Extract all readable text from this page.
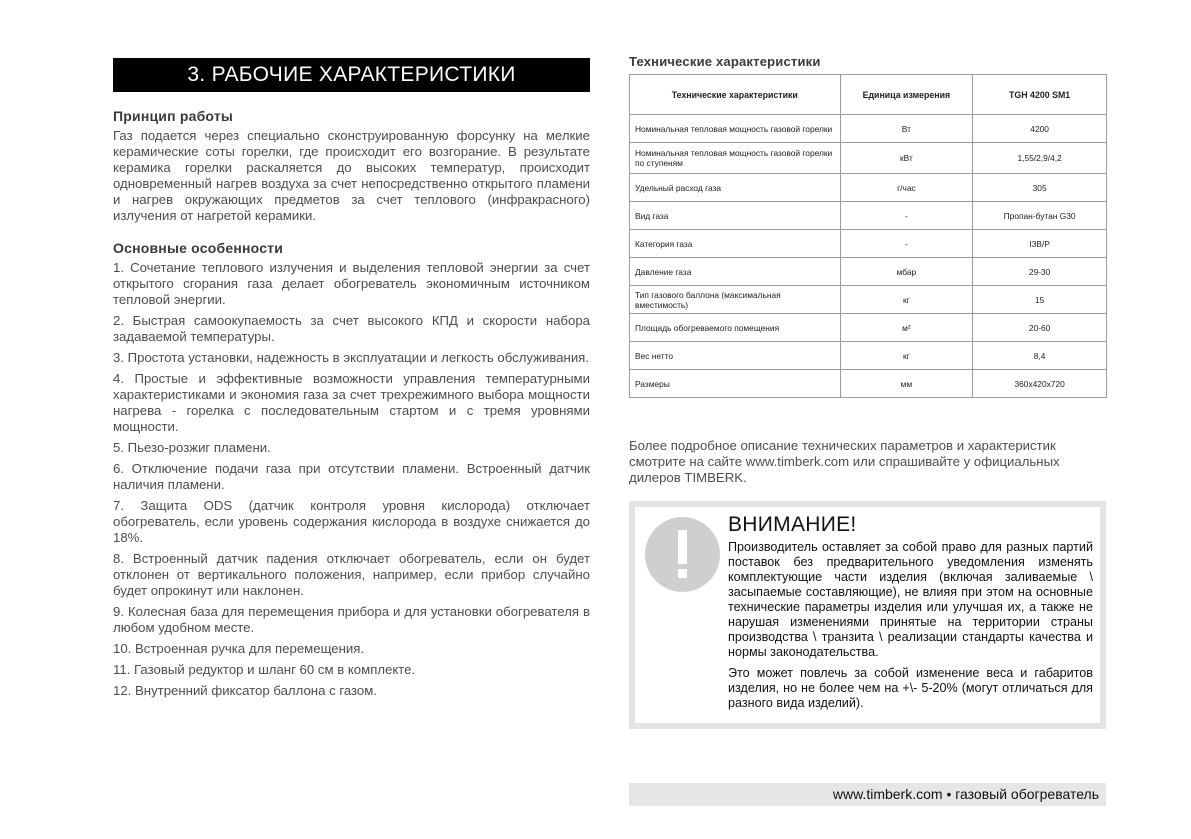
3. РАБОЧИЕ ХАРАКТЕРИСТИКИ
Принцип работы

Газ подается через специально сконструированную форсунку на мелкие керамические соты горелки, где происходит его возгорание. В результате керамика горелки раскаляется до высоких температур, происходит одновременный нагрев воздуха за счет непосредственно открытого пламени и нагрев окружающих предметов за счет теплового (инфракрасного) излучения от нагретой керамики.

Основные особенности
1. Сочетание теплового излучения и выделения тепловой энергии за счет открытого сгорания газа делает обогреватель экономичным источником тепловой энергии.
2. Быстрая самоокупаемость за счет высокого КПД и скорости набора задаваемой температуры.
3. Простота установки, надежность в эксплуатации и легкость обслуживания.
4. Простые и эффективные возможности управления температурными характеристиками и экономия газа за счет трехрежимного выбора мощности нагрева - горелка с последовательным стартом и с тремя уровнями мощности.
5. Пьезо-розжиг пламени.
6. Отключение подачи газа при отсутствии пламени. Встроенный датчик наличия пламени.
7. Защита ODS (датчик контроля уровня кислорода) отключает обогреватель, если уровень содержания кислорода в воздухе снижается до 18%.
8. Встроенный датчик падения отключает обогреватель, если он будет отклонен от вертикального положения, например, если прибор случайно будет опрокинут или наклонен.
9. Колесная база для перемещения прибора и для установки обогревателя в любом удобном месте.
10. Встроенная ручка для перемещения.
11. Газовый редуктор и шланг 60 см в комплекте.
12. Внутренний фиксатор баллона с газом.
Технические характеристики
Технические характеристики	Единица измерения	TGH 4200 SM1
Номинальная тепловая мощность газовой горелки	Вт	4200
Номинальная тепловая мощность газовой горелки по ступеням	кВт	1,55/2,9/4,2
Удельный расход газа	г/час	305
Вид газа	-	Пропан-бутан G30
Категория газа	-	I3B/P
Давление газа	мбар	29-30
Тип газового баллона (максимальная вместимость)	кг	15
Площадь обогреваемого помещения	м²	20-60
Вес нетто	кг	8,4
Размеры	мм	360х420х720

Более подробное описание технических параметров и характеристик смотрите на сайте www.timberk.com или спрашивайте у официальных дилеров TIMBERK.

ВНИМАНИЕ!

Производитель оставляет за собой право для разных партий поставок без предварительного уведомления изменять комплектующие части изделия (включая заливаемые \ засыпаемые составляющие), не влияя при этом на основные технические параметры изделия или улучшая их, а также не нарушая изменениями принятые на территории страны производства \ транзита \ реализации стандарты качества и нормы законодательства.

Это может повлечь за собой изменение веса и габаритов изделия, но не более чем на +\- 5-20% (могут отличаться для разного вида изделий).

www.timberk.com • газовый обогреватель
